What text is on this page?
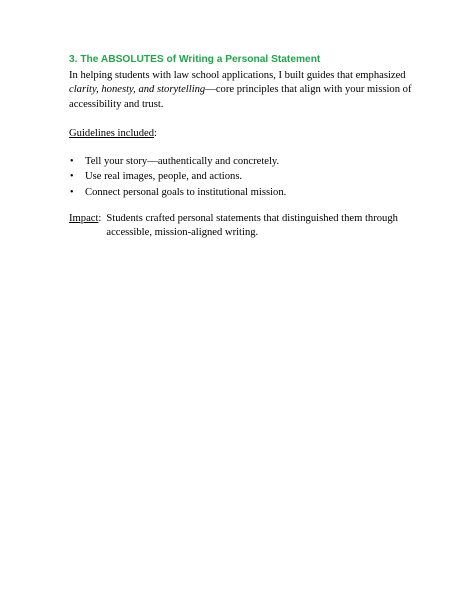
3. The ABSOLUTES of Writing a Personal Statement

In helping students with law school applications, I built guides that emphasized clarity, honesty, and storytelling—core principles that align with your mission of accessibility and trust.

Guidelines included:

• Tell your story—authentically and concretely.
• Use real images, people, and actions.
• Connect personal goals to institutional mission.
Impact: Students crafted personal statements that distinguished them through accessible, mission-aligned writing.
